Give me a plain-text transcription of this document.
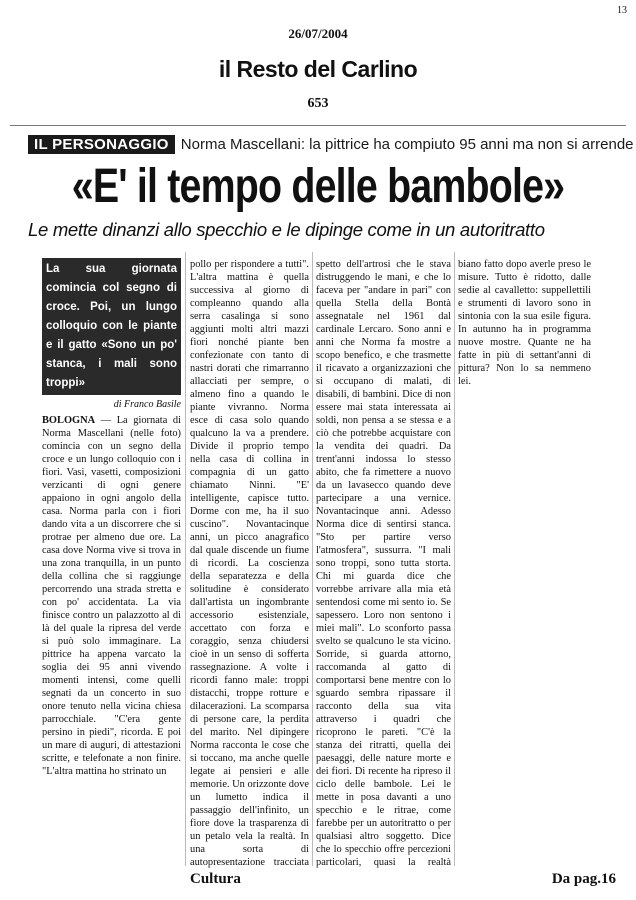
13
26/07/2004
il Resto del Carlino
653
IL PERSONAGGIO Norma Mascellani: la pittrice ha compiuto 95 anni ma non si arrende
«E' il tempo delle bambole»
Le mette dinanzi allo specchio e le dipinge come in un autoritratto
La sua giornata comincia col segno di croce. Poi, un lungo colloquio con le piante e il gatto «Sono un po' stanca, i mali sono troppi»
di Franco Basile

BOLOGNA — La giornata di Norma Mascellani (nelle foto) comincia con un segno della croce e un lungo colloquio con i fiori. Vasi, vasetti, composizioni verzicanti di ogni genere appaiono in ogni angolo della casa. Norma parla con i fiori dando vita a un discorrere che si protrae per almeno due ore. La casa dove Norma vive si trova in una zona tranquilla, in un punto della collina che si raggiunge percorrendo una strada stretta e con po' accidentata. La via finisce contro un palazzotto al di là del quale la ripresa del verde si può solo immaginare. La pittrice ha appena varcato la soglia dei 95 anni vivendo momenti intensi, come quelli segnati da un concerto in suo onore tenuto nella vicina chiesa parrocchiale. "C'era gente persino in piedi", ricorda. E poi un mare di auguri, di attestazioni scritte, e telefonate a non finire. "L'altra mattina ho strinato un

pollo per rispondere a tutti". L'altra mattina è quella successiva al giorno di compleanno quando alla serra casalinga si sono aggiunti molti altri mazzi fiori nonché piante ben confezionate con tanto di nastri dorati che rimarranno allacciati per sempre, o almeno fino a quando le piante vivranno. Norma esce di casa solo quando qualcuno la va a prendere. Divide il proprio tempo nella casa di collina in compagnia di un gatto chiamato Ninni. "E' intelligente, capisce tutto. Dorme con me, ha il suo cuscino". Novantacinque anni, un picco anagrafico dal quale discende un fiume di ricordi. La coscienza della separatezza e della solitudine è considerato dall'artista un ingombrante accessorio esistenziale, accettato con forza e coraggio, senza chiudersi cioè in un senso di sofferta rassegnazione. A volte i ricordi fanno male: troppi distacchi, troppe rotture e dilacerazioni. La scomparsa di persone care, la perdita del marito. Nel dipingere Norma racconta le cose che si toccano, ma anche quelle legate ai pensieri e alle memorie. Un orizzonte dove un lumetto indica il passaggio dell'infinito, un fiore dove la trasparenza di un petalo vela la realtà. In una sorta di autopresentazione tracciata

spetto dell'artrosi che le stava distruggendo le mani, e che lo faceva per "andare in pari" con quella Stella della Bontà assegnatale nel 1961 dal cardinale Lercaro. Sono anni e anni che Norma fa mostre a scopo benefico, e che trasmette il ricavato a organizzazioni che si occupano di malati, di disabili, di bambini. Dice di non essere mai stata interessata ai soldi, non pensa a se stessa e a ciò che potrebbe acquistare con la vendita dei quadri. Da trent'anni indossa lo stesso abito, che fa rimettere a nuovo da un lavasecco quando deve partecipare a una vernice. Novantacinque anni. Adesso Norma dice di sentirsi stanca. "Sto per partire verso l'atmosfera", sussurra. "I mali sono troppi, sono tutta storta. Chi mi guarda dice che vorrebbe arrivare alla mia età sentendosi come mi sento io. Se sapessero. Loro non sentono i miei mali". Lo sconforto passa svelto se qualcuno le sta vicino. Sorride, si guarda attorno, raccomanda al gatto di comportarsi bene mentre con lo sguardo sembra ripassare il racconto della sua vita attraverso i quadri che ricoprono le pareti. "C'è la stanza dei ritratti, quella dei paesaggi, delle nature morte e dei fiori. Di recente ha ripreso il ciclo delle bambole. Lei le mette in posa davanti a uno specchio e le ritrae, come farebbe per un autoritratto o per qualsiasi altro soggetto. Dice che lo specchio offre percezioni particolari, quasi la realtà

biano fatto dopo averle preso le misure. Tutto è ridotto, dalle sedie al cavalletto: suppellettili e strumenti di lavoro sono in sintonia con la sua esile figura. In autunno ha in programma nuove mostre. Quante ne ha fatte in più di settant'anni di pittura? Non lo sa nemmeno lei.

Cultura	Da pag.16
